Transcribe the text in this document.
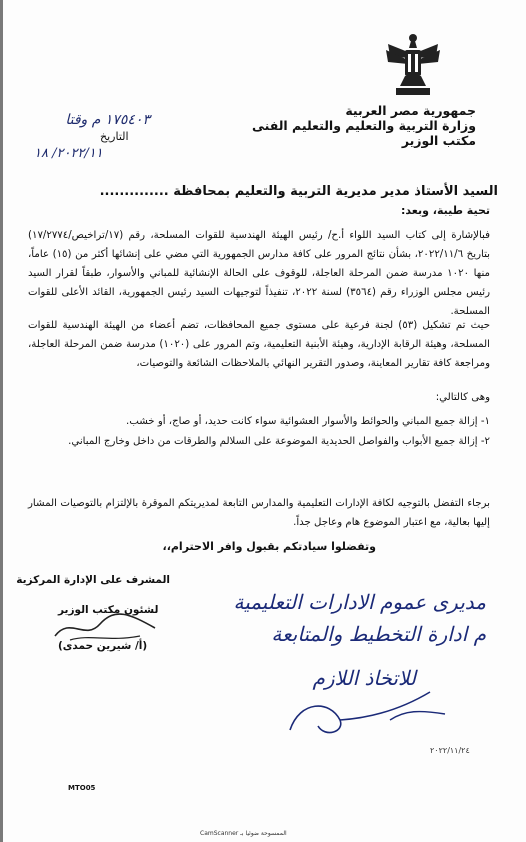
جمهورية مصر العربية
وزارة التربية والتعليم والتعليم الفنى
مكتب الوزير
١٧٥٤٠٣ م وقتا
التاريخ
٢٠٢٢/١١/ ١٨
السيد الأستاذ مدير مديرية التربية والتعليم بمحافظة ..............
تحية طيبة، وبعد:
فبالإشارة إلى كتاب السيد اللواء أ.ح/ رئيس الهيئة الهندسية للقوات المسلحة، رقم (١٧/تراخيص/١٧/٢٧٧٤) بتاريخ ٢٠٢٢/١١/٦، بشأن نتائج المرور على كافة مدارس الجمهورية التي مضي على إنشائها أكثر من (١٥) عاماً، منها ١٠٢٠ مدرسة ضمن المرحلة العاجلة، للوقوف على الحالة الإنشائية للمباني والأسوار، طبقاً لقرار السيد رئيس مجلس الوزراء رقم (٣٥٦٤) لسنة ٢٠٢٢، تنفيذاً لتوجيهات السيد رئيس الجمهورية، القائد الأعلى للقوات المسلحة.
حيث تم تشكيل (٥٣) لجنة فرعية على مستوى جميع المحافظات، تضم أعضاء من الهيئة الهندسية للقوات المسلحة، وهيئة الرقابة الإدارية، وهيئة الأبنية التعليمية، وتم المرور على (١٠٢٠) مدرسة ضمن المرحلة العاجلة، ومراجعة كافة تقارير المعاينة، وصدور التقرير النهائي بالملاحظات الشائعة والتوصيات،
وهى كالتالي:
١- إزالة جميع المباني والحوائط والأسوار العشوائية سواء كانت حديد، أو صاج، أو خشب.
٢- إزالة جميع الأبواب والفواصل الحديدية الموضوعة على السلالم والطرقات من داخل وخارج المباني.
برجاء التفضل بالتوجيه لكافة الإدارات التعليمية والمدارس التابعة لمديريتكم الموقرة بالإلتزام بالتوصيات المشار إليها بعالية، مع اعتبار الموضوع هام وعاجل جداً.
وتفضلوا سيادتكم بقبول وافر الاحترام،،
المشرف على الإدارة المركزية
لشئون مكتب الوزير
(أ/ شيرين حمدى)
مديرى عموم الادارات التعليمية
م ادارة التخطيط والمتابعة
للاتخاذ اللازم
٢٠٢٢/١١/٢٤
MTO05
CamScanner الممسوحة ضوئيا بـ
